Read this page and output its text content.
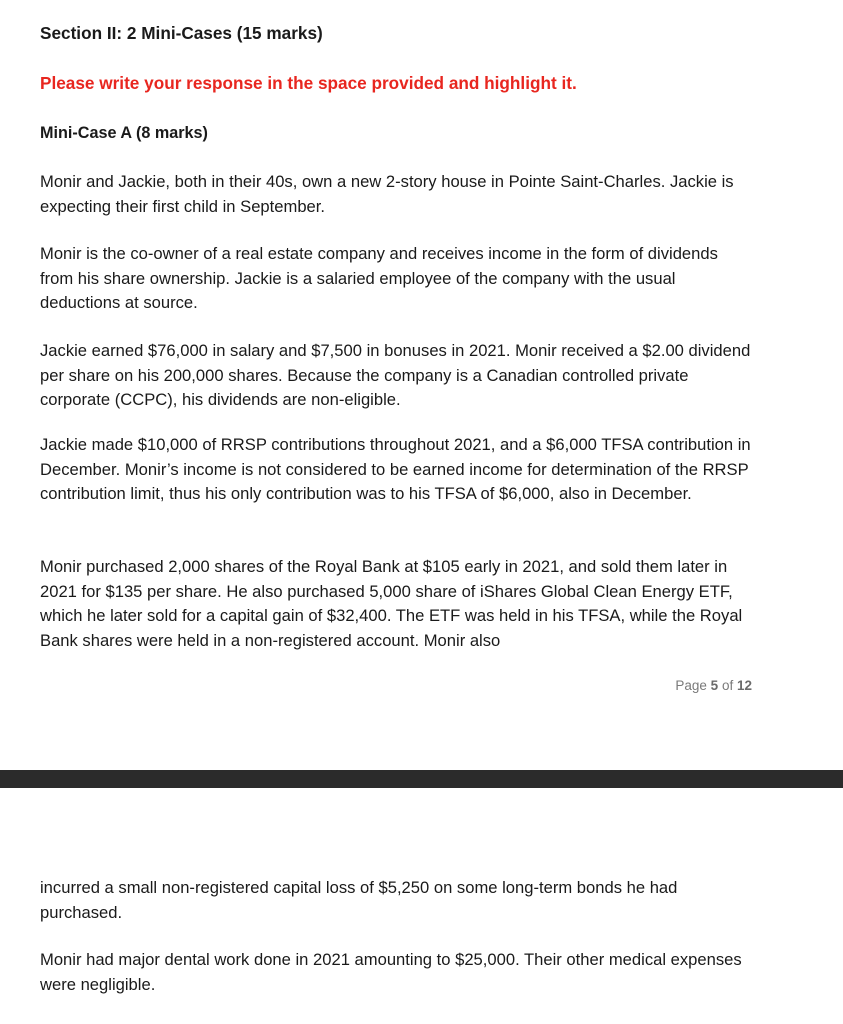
Section II: 2 Mini-Cases (15 marks)

Please write your response in the space provided and highlight it.

Mini-Case A (8 marks)

Monir and Jackie, both in their 40s, own a new 2-story house in Pointe Saint-Charles. Jackie is expecting their first child in September.

Monir is the co-owner of a real estate company and receives income in the form of dividends from his share ownership. Jackie is a salaried employee of the company with the usual deductions at source.

Jackie earned $76,000 in salary and $7,500 in bonuses in 2021. Monir received a $2.00 dividend per share on his 200,000 shares. Because the company is a Canadian controlled private corporate (CCPC), his dividends are non-eligible.

Jackie made $10,000 of RRSP contributions throughout 2021, and a $6,000 TFSA contribution in December. Monir’s income is not considered to be earned income for determination of the RRSP contribution limit, thus his only contribution was to his TFSA of $6,000, also in December.

Monir purchased 2,000 shares of the Royal Bank at $105 early in 2021, and sold them later in 2021 for $135 per share. He also purchased 5,000 share of iShares Global Clean Energy ETF, which he later sold for a capital gain of $32,400. The ETF was held in his TFSA, while the Royal Bank shares were held in a non-registered account. Monir also

Page 5 of 12

incurred a small non-registered capital loss of $5,250 on some long-term bonds he had purchased.

Monir had major dental work done in 2021 amounting to $25,000. Their other medical expenses were negligible.
